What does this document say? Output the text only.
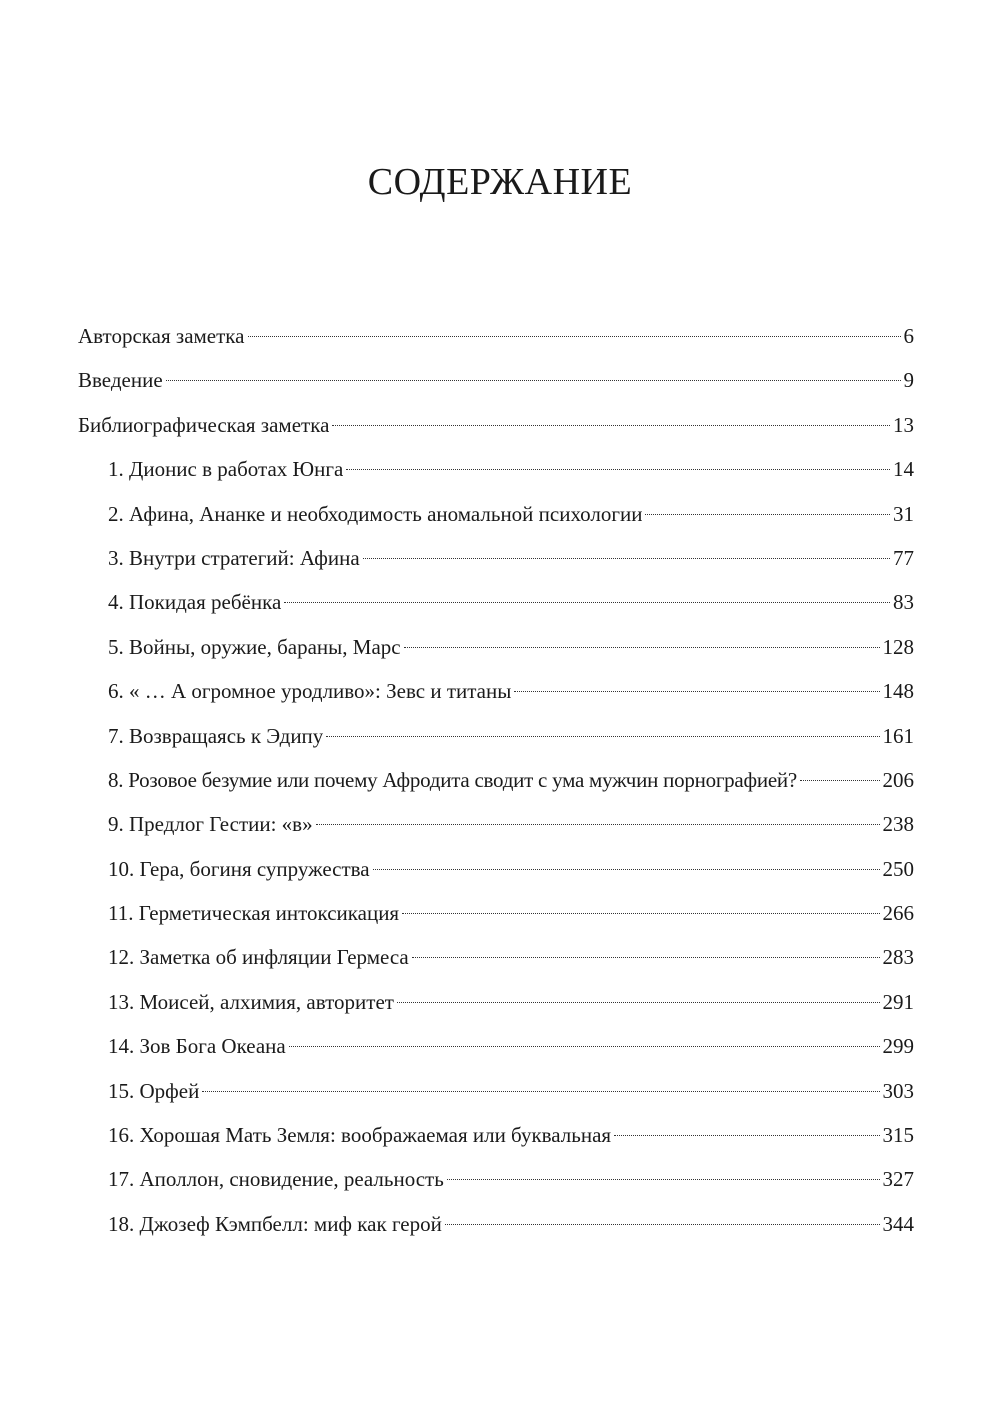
СОДЕРЖАНИЕ
Авторская заметка	6
Введение	9
Библиографическая заметка	13
1. Дионис в работах Юнга	14
2. Афина, Ананке и необходимость аномальной психологии	31
3. Внутри стратегий: Афина	77
4. Покидая ребёнка	83
5. Войны, оружие, бараны, Марс	128
6. « … А огромное уродливо»: Зевс и титаны	148
7. Возвращаясь к Эдипу	161
8. Розовое безумие или почему Афродита сводит с ума мужчин порнографией?	206
9. Предлог Гестии: «в»	238
10. Гера, богиня супружества	250
11. Герметическая интоксикация	266
12. Заметка об инфляции Гермеса	283
13. Моисей, алхимия, авторитет	291
14. Зов Бога Океана	299
15. Орфей	303
16. Хорошая Мать Земля: воображаемая или буквальная	315
17. Аполлон, сновидение, реальность	327
18. Джозеф Кэмпбелл: миф как герой	344
